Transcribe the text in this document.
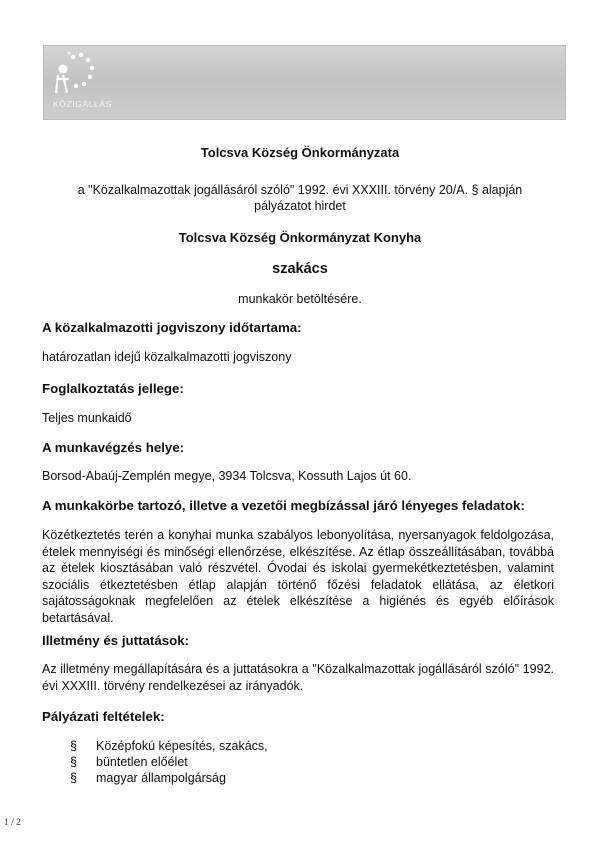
KÖZIGÁLLÁS
Tolcsva Község Önkormányzata
a "Közalkalmazottak jogállásáról szóló" 1992. évi XXXIII. törvény 20/A. § alapján
pályázatot hirdet
Tolcsva Község Önkormányzat Konyha
szakács
munkakör betöltésére.
A közalkalmazotti jogviszony időtartama:
határozatlan idejű közalkalmazotti jogviszony
Foglalkoztatás jellege:
Teljes munkaidő
A munkavégzés helye:
Borsod-Abaúj-Zemplén megye, 3934 Tolcsva, Kossuth Lajos út 60.
A munkakörbe tartozó, illetve a vezetői megbízással járó lényeges feladatok:
Közétkeztetés terén a konyhai munka szabályos lebonyolítása, nyersanyagok feldolgozása, ételek mennyiségi és minőségi ellenőrzése, elkészítése. Az étlap összeállításában, továbbá az ételek kiosztásában való részvétel. Óvodai és iskolai gyermekétkeztetésben, valamint szociális étkeztetésben étlap alapján történő főzési feladatok ellátása, az életkori sajátosságoknak megfelelően az ételek elkészítése a higiénés és egyéb előírások betartásával.
Illetmény és juttatások:
Az illetmény megállapítására és a juttatásokra a "Közalkalmazottak jogállásáról szóló" 1992. évi XXXIII. törvény rendelkezései az irányadók.
Pályázati feltételek:
§ Középfokú képesítés, szakács,
§ büntetlen előélet
§ magyar állampolgárság
1 / 2
